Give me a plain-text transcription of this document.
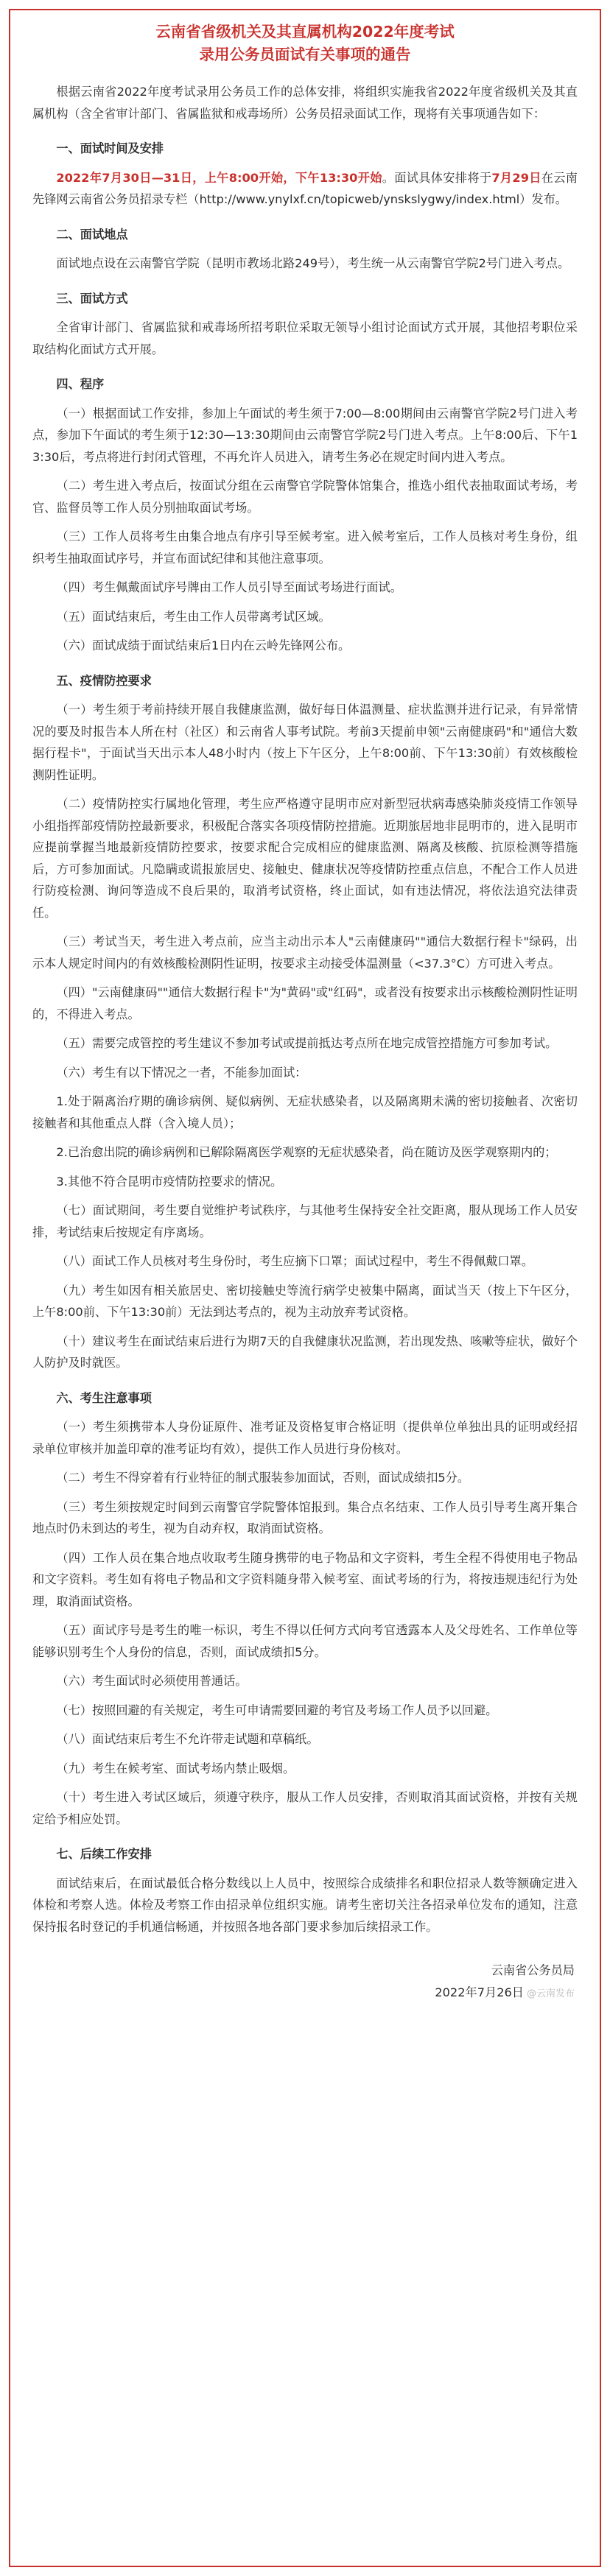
云南省省级机关及其直属机构2022年度考试
录用公务员面试有关事项的通告

根据云南省2022年度考试录用公务员工作的总体安排，将组织实施我省2022年度省级机关及其直属机构（含全省审计部门、省属监狱和戒毒场所）公务员招录面试工作，现将有关事项通告如下：

一、面试时间及安排

2022年7月30日—31日，上午8:00开始，下午13:30开始。面试具体安排将于7月29日在云南先锋网云南省公务员招录专栏（http://www.ynylxf.cn/topicweb/ynskslygwy/index.html）发布。

二、面试地点

面试地点设在云南警官学院（昆明市教场北路249号），考生统一从云南警官学院2号门进入考点。

三、面试方式

全省审计部门、省属监狱和戒毒场所招考职位采取无领导小组讨论面试方式开展，其他招考职位采取结构化面试方式开展。

四、程序

（一）根据面试工作安排，参加上午面试的考生须于7:00—8:00期间由云南警官学院2号门进入考点，参加下午面试的考生须于12:30—13:30期间由云南警官学院2号门进入考点。上午8:00后、下午13:30后，考点将进行封闭式管理，不再允许人员进入，请考生务必在规定时间内进入考点。

（二）考生进入考点后，按面试分组在云南警官学院警体馆集合，推选小组代表抽取面试考场，考官、监督员等工作人员分别抽取面试考场。

（三）工作人员将考生由集合地点有序引导至候考室。进入候考室后，工作人员核对考生身份，组织考生抽取面试序号，并宣布面试纪律和其他注意事项。

（四）考生佩戴面试序号牌由工作人员引导至面试考场进行面试。

（五）面试结束后，考生由工作人员带离考试区域。

（六）面试成绩于面试结束后1日内在云岭先锋网公布。

五、疫情防控要求

（一）考生须于考前持续开展自我健康监测，做好每日体温测量、症状监测并进行记录，有异常情况的要及时报告本人所在村（社区）和云南省人事考试院。考前3天提前申领"云南健康码"和"通信大数据行程卡"，于面试当天出示本人48小时内（按上下午区分，上午8:00前、下午13:30前）有效核酸检测阴性证明。

（二）疫情防控实行属地化管理，考生应严格遵守昆明市应对新型冠状病毒感染肺炎疫情工作领导小组指挥部疫情防控最新要求，积极配合落实各项疫情防控措施。近期旅居地非昆明市的，进入昆明市应提前掌握当地最新疫情防控要求，按要求配合完成相应的健康监测、隔离及核酸、抗原检测等措施后，方可参加面试。凡隐瞒或谎报旅居史、接触史、健康状况等疫情防控重点信息，不配合工作人员进行防疫检测、询问等造成不良后果的，取消考试资格，终止面试，如有违法情况，将依法追究法律责任。

（三）考试当天，考生进入考点前，应当主动出示本人"云南健康码""通信大数据行程卡"绿码，出示本人规定时间内的有效核酸检测阴性证明，按要求主动接受体温测量（<37.3°C）方可进入考点。

（四）"云南健康码""通信大数据行程卡"为"黄码"或"红码"，或者没有按要求出示核酸检测阴性证明的，不得进入考点。

（五）需要完成管控的考生建议不参加考试或提前抵达考点所在地完成管控措施方可参加考试。

（六）考生有以下情况之一者，不能参加面试：

1.处于隔离治疗期的确诊病例、疑似病例、无症状感染者，以及隔离期未满的密切接触者、次密切接触者和其他重点人群（含入境人员）；

2.已治愈出院的确诊病例和已解除隔离医学观察的无症状感染者，尚在随访及医学观察期内的；

3.其他不符合昆明市疫情防控要求的情况。

（七）面试期间，考生要自觉维护考试秩序，与其他考生保持安全社交距离，服从现场工作人员安排，考试结束后按规定有序离场。

（八）面试工作人员核对考生身份时，考生应摘下口罩；面试过程中，考生不得佩戴口罩。

（九）考生如因有相关旅居史、密切接触史等流行病学史被集中隔离，面试当天（按上下午区分，上午8:00前、下午13:30前）无法到达考点的，视为主动放弃考试资格。

（十）建议考生在面试结束后进行为期7天的自我健康状况监测，若出现发热、咳嗽等症状，做好个人防护及时就医。

六、考生注意事项

（一）考生须携带本人身份证原件、准考证及资格复审合格证明（提供单位单独出具的证明或经招录单位审核并加盖印章的准考证均有效），提供工作人员进行身份核对。

（二）考生不得穿着有行业特征的制式服装参加面试，否则，面试成绩扣5分。

（三）考生须按规定时间到云南警官学院警体馆报到。集合点名结束、工作人员引导考生离开集合地点时仍未到达的考生，视为自动弃权，取消面试资格。

（四）工作人员在集合地点收取考生随身携带的电子物品和文字资料，考生全程不得使用电子物品和文字资料。考生如有将电子物品和文字资料随身带入候考室、面试考场的行为，将按违规违纪行为处理，取消面试资格。

（五）面试序号是考生的唯一标识，考生不得以任何方式向考官透露本人及父母姓名、工作单位等能够识别考生个人身份的信息，否则，面试成绩扣5分。

（六）考生面试时必须使用普通话。

（七）按照回避的有关规定，考生可申请需要回避的考官及考场工作人员予以回避。

（八）面试结束后考生不允许带走试题和草稿纸。

（九）考生在候考室、面试考场内禁止吸烟。

（十）考生进入考试区域后，须遵守秩序，服从工作人员安排，否则取消其面试资格，并按有关规定给予相应处罚。

七、后续工作安排

面试结束后，在面试最低合格分数线以上人员中，按照综合成绩排名和职位招录人数等额确定进入体检和考察人选。体检及考察工作由招录单位组织实施。请考生密切关注各招录单位发布的通知，注意保持报名时登记的手机通信畅通，并按照各地各部门要求参加后续招录工作。

云南省公务员局
2022年7月26日 @云南发布
